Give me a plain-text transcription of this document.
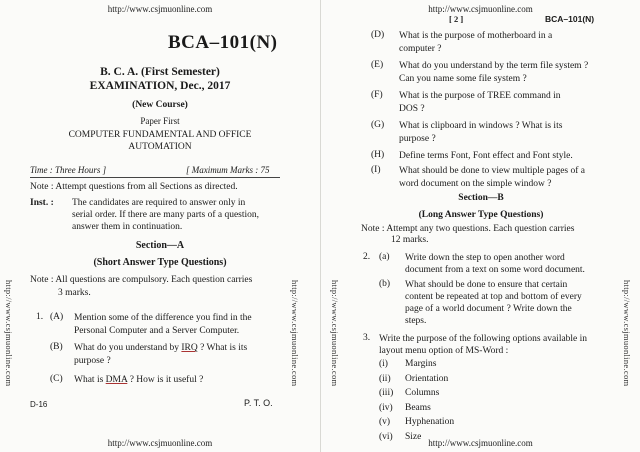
http://www.csjmuonline.com
BCA–101(N)
B. C. A. (First Semester)
EXAMINATION, Dec., 2017
(New Course)
Paper First
COMPUTER FUNDAMENTAL AND OFFICE
AUTOMATION
Time : Three Hours ]	[ Maximum Marks : 75
Note : Attempt questions from all Sections as directed.
Inst. : The candidates are required to answer only in
serial order. If there are many parts of a question,
answer them in continuation.
Section—A
(Short Answer Type Questions)
Note : All questions are compulsory. Each question carries
3 marks.
1. (A) Mention some of the difference you find in the
Personal Computer and a Server Computer.
(B) What do you understand by IRQ ? What is its
purpose ?
(C) What is DMA ? How is it useful ?
D-16	P. T. O.
http://www.csjmuonline.com
http://www.csjmuonline.com
[ 2 ]	BCA–101(N)
(D) What is the purpose of motherboard in a
computer ?
(E) What do you understand by the term file system ?
Can you name some file system ?
(F) What is the purpose of TREE command in
DOS ?
(G) What is clipboard in windows ? What is its
purpose ?
(H) Define terms Font, Font effect and Font style.
(I) What should be done to view multiple pages of a
word document on the simple window ?
Section—B
(Long Answer Type Questions)
Note : Attempt any two questions. Each question carries
12 marks.
2. (a) Write down the step to open another word
document from a text on some word document.
(b) What should be done to ensure that certain
content be repeated at top and bottom of every
page of a world document ? Write down the
steps.
3. Write the purpose of the following options available in
layout menu option of MS-Word :
(i) Margins
(ii) Orientation
(iii) Columns
(iv) Beams
(v) Hyphenation
(vi) Size
http://www.csjmuonline.com
http://www.csjmuonline.com	http://www.csjmuonline.com	http://www.csjmuonline.com	http://www.csjmuonline.com
